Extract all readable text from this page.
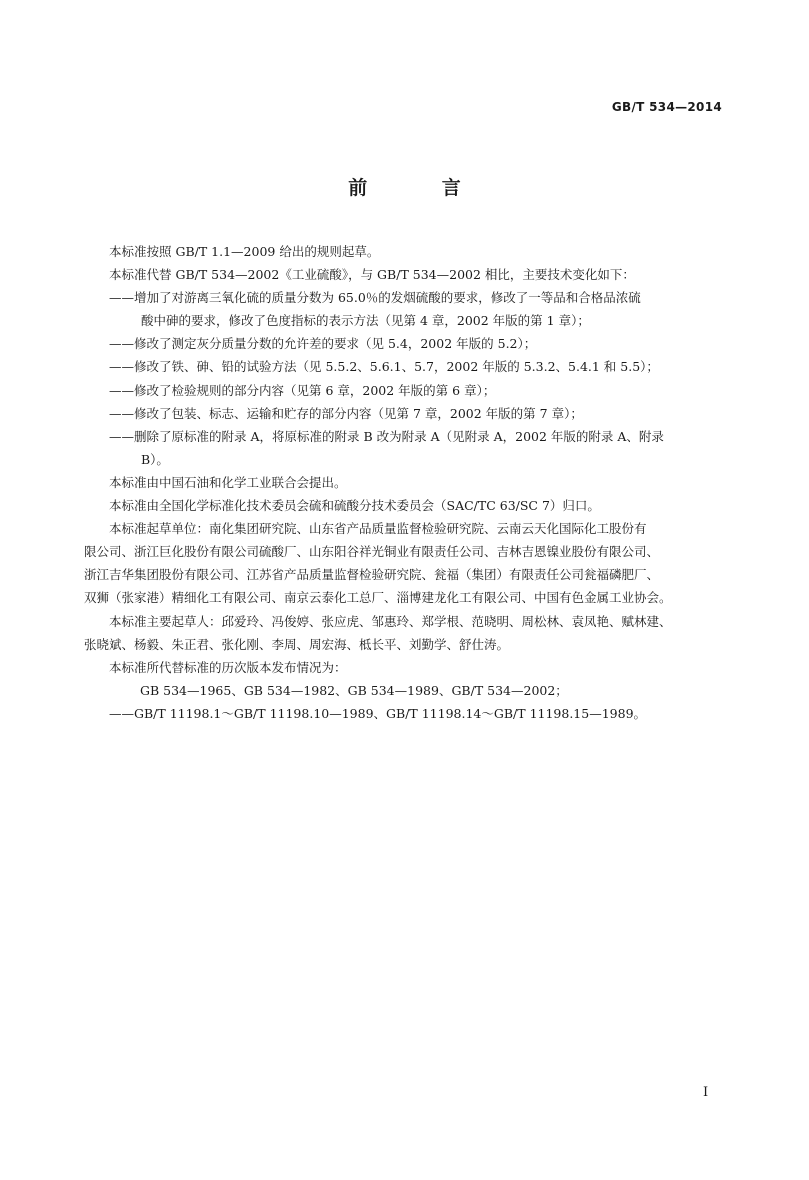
GB/T 534—2014
前 言
本标准按照 GB/T 1.1—2009 给出的规则起草。
本标准代替 GB/T 534—2002《工业硫酸》，与 GB/T 534—2002 相比，主要技术变化如下：
——增加了对游离三氧化硫的质量分数为 65.0％的发烟硫酸的要求，修改了一等品和合格品浓硫
酸中砷的要求，修改了色度指标的表示方法（见第 4 章，2002 年版的第 1 章）；
——修改了测定灰分质量分数的允许差的要求（见 5.4，2002 年版的 5.2）；
——修改了铁、砷、铅的试验方法（见 5.5.2、5.6.1、5.7，2002 年版的 5.3.2、5.4.1 和 5.5）；
——修改了检验规则的部分内容（见第 6 章，2002 年版的第 6 章）；
——修改了包装、标志、运输和贮存的部分内容（见第 7 章，2002 年版的第 7 章）；
——删除了原标准的附录 A，将原标准的附录 B 改为附录 A（见附录 A，2002 年版的附录 A、附录
B）。
本标准由中国石油和化学工业联合会提出。
本标准由全国化学标准化技术委员会硫和硫酸分技术委员会（SAC/TC 63/SC 7）归口。
本标准起草单位：南化集团研究院、山东省产品质量监督检验研究院、云南云天化国际化工股份有
限公司、浙江巨化股份有限公司硫酸厂、山东阳谷祥光铜业有限责任公司、吉林吉恩镍业股份有限公司、
浙江吉华集团股份有限公司、江苏省产品质量监督检验研究院、瓮福（集团）有限责任公司瓮福磷肥厂、
双狮（张家港）精细化工有限公司、南京云泰化工总厂、淄博建龙化工有限公司、中国有色金属工业协会。
本标准主要起草人：邱爱玲、冯俊婷、张应虎、邹惠玲、郑学根、范晓明、周松林、袁凤艳、赋林建、
张晓斌、杨毅、朱正君、张化刚、李周、周宏海、柢长平、刘勤学、舒仕涛。
本标准所代替标准的历次版本发布情况为：
GB 534—1965、GB 534—1982、GB 534—1989、GB/T 534—2002；
——GB/T 11198.1～GB/T 11198.10—1989、GB/T 11198.14～GB/T 11198.15—1989。
I
